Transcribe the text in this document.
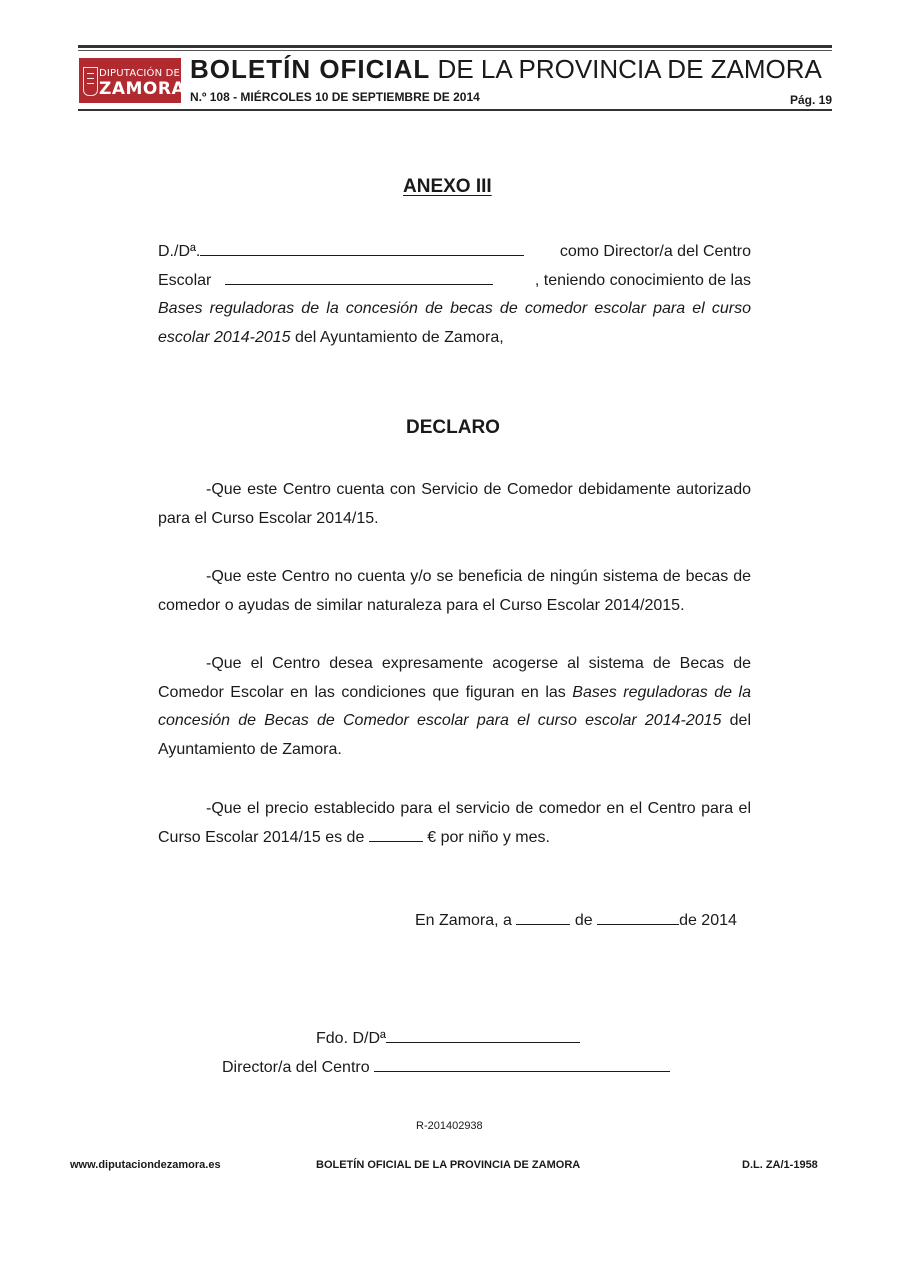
DIPUTACIÓN DE
ZAMORA
BOLETÍN OFICIAL DE LA PROVINCIA DE ZAMORA
N.º 108 - MIÉRCOLES 10 DE SEPTIEMBRE DE 2014	Pág. 19
ANEXO III
D./Dª.	como Director/a del Centro
Escolar	, teniendo conocimiento de las
Bases reguladoras de la concesión de becas de comedor escolar para el curso escolar 2014-2015 del Ayuntamiento de Zamora,
DECLARO
-Que este Centro cuenta con Servicio de Comedor debidamente autorizado para el Curso Escolar 2014/15.
-Que este Centro no cuenta y/o se beneficia de ningún sistema de becas de comedor o ayudas de similar naturaleza para el Curso Escolar 2014/2015.
-Que el Centro desea expresamente acogerse al sistema de Becas de Comedor Escolar en las condiciones que figuran en las Bases reguladoras de la concesión de Becas de Comedor escolar para el curso escolar 2014-2015 del Ayuntamiento de Zamora.
-Que el precio establecido para el servicio de comedor en el Centro para el Curso Escolar 2014/15 es de	€ por niño y mes.
En Zamora, a	de	de 2014
Fdo. D/Dª
Director/a del Centro
R-201402938
www.diputaciondezamora.es	BOLETÍN OFICIAL DE LA PROVINCIA DE ZAMORA	D.L. ZA/1-1958
